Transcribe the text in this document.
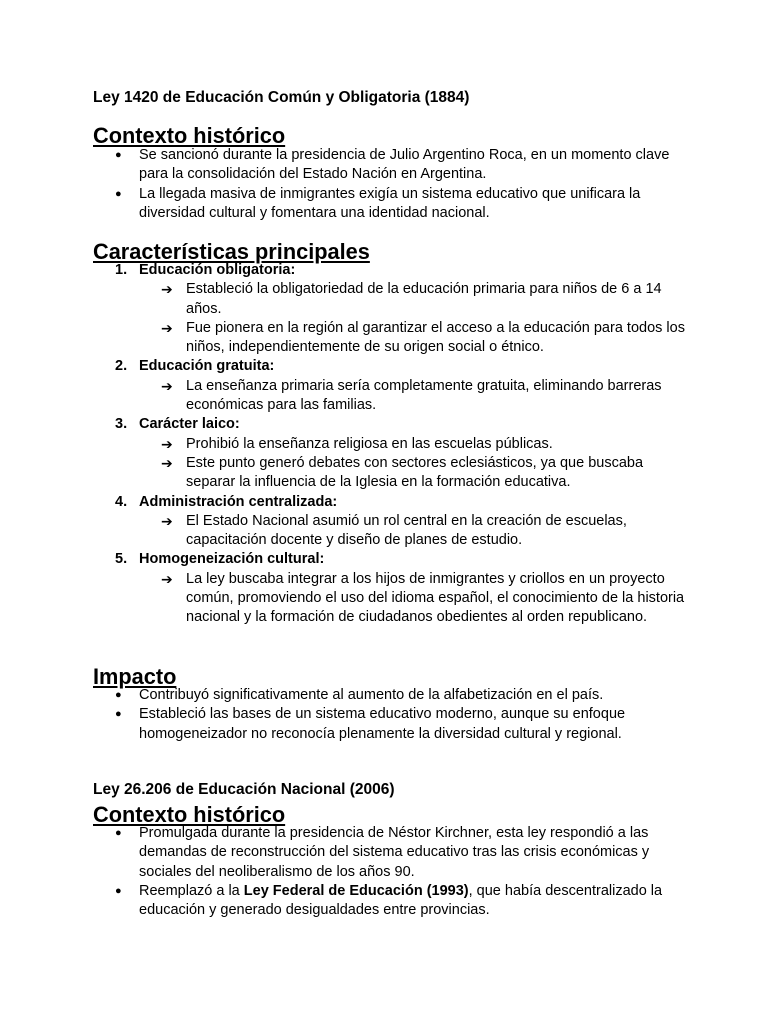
Ley 1420 de Educación Común y Obligatoria (1884)
Contexto histórico
● Se sancionó durante la presidencia de Julio Argentino Roca, en un momento clave para la consolidación del Estado Nación en Argentina.
● La llegada masiva de inmigrantes exigía un sistema educativo que unificara la diversidad cultural y fomentara una identidad nacional.
Características principales
1. Educación obligatoria:
➔ Estableció la obligatoriedad de la educación primaria para niños de 6 a 14 años.
➔ Fue pionera en la región al garantizar el acceso a la educación para todos los niños, independientemente de su origen social o étnico.
2. Educación gratuita:
➔ La enseñanza primaria sería completamente gratuita, eliminando barreras económicas para las familias.
3. Carácter laico:
➔ Prohibió la enseñanza religiosa en las escuelas públicas.
➔ Este punto generó debates con sectores eclesiásticos, ya que buscaba separar la influencia de la Iglesia en la formación educativa.
4. Administración centralizada:
➔ El Estado Nacional asumió un rol central en la creación de escuelas, capacitación docente y diseño de planes de estudio.
5. Homogeneización cultural:
➔ La ley buscaba integrar a los hijos de inmigrantes y criollos en un proyecto común, promoviendo el uso del idioma español, el conocimiento de la historia nacional y la formación de ciudadanos obedientes al orden republicano.
Impacto
● Contribuyó significativamente al aumento de la alfabetización en el país.
● Estableció las bases de un sistema educativo moderno, aunque su enfoque homogeneizador no reconocía plenamente la diversidad cultural y regional.
Ley 26.206 de Educación Nacional (2006)
Contexto histórico
● Promulgada durante la presidencia de Néstor Kirchner, esta ley respondió a las demandas de reconstrucción del sistema educativo tras las crisis económicas y sociales del neoliberalismo de los años 90.
● Reemplazó a la Ley Federal de Educación (1993), que había descentralizado la educación y generado desigualdades entre provincias.
